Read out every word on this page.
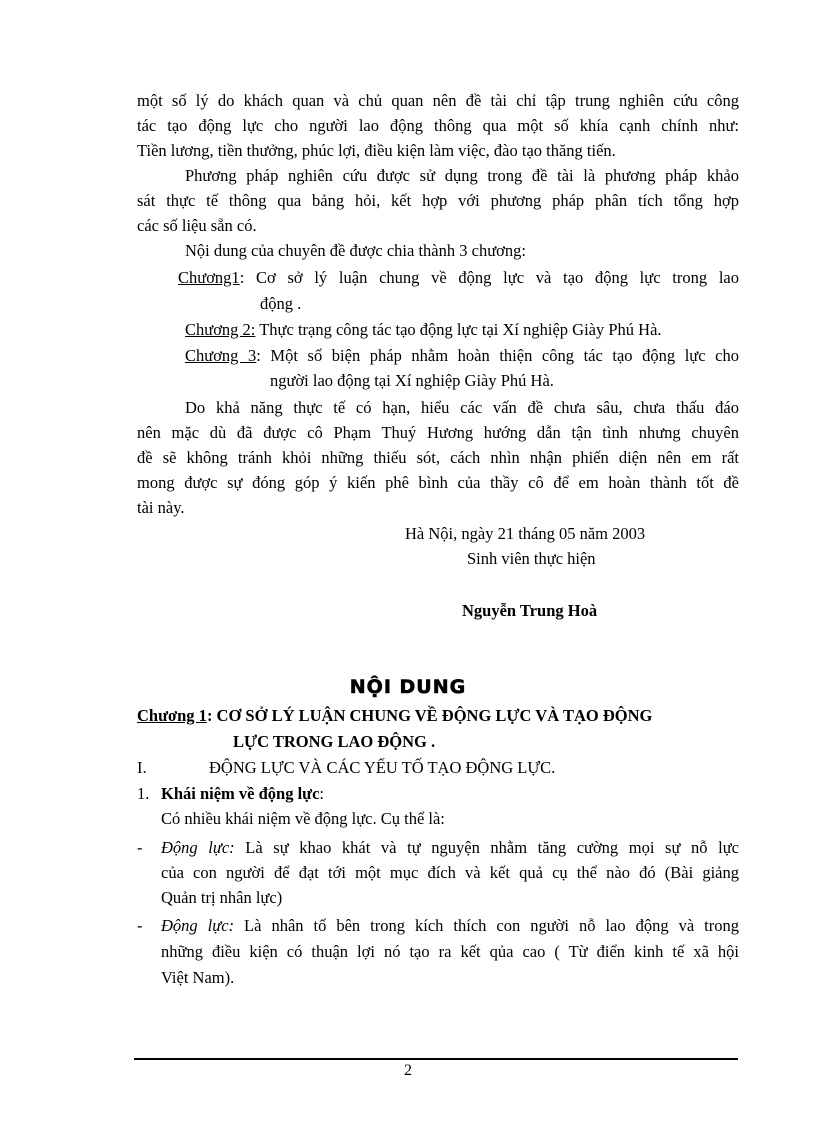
một số lý do khách quan và chủ quan nên đề tài chỉ tập trung nghiên cứu công
tác tạo động lực cho người lao động thông qua một số khía cạnh chính như:
Tiền lương, tiền thưởng, phúc lợi, điều kiện làm việc, đào tạo thăng tiến.
Phương pháp nghiên cứu được sử dụng trong đề tài là phương pháp khảo
sát thực tế thông qua bảng hỏi, kết hợp với phương pháp phân tích tổng hợp
các số liệu sẵn có.
Nội dung của chuyên đề được chia thành 3 chương:
Chương1: Cơ sở lý luận chung về động lực và tạo động lực trong lao
động .
Chương 2: Thực trạng công tác tạo động lực tại Xí nghiệp Giày Phú Hà.
Chương 3: Một số biện pháp nhằm hoàn thiện công tác tạo động lực cho
người lao động tại Xí nghiệp Giày Phú Hà.
Do khả năng thực tế có hạn, hiểu các vấn đề chưa sâu, chưa thấu đáo
nên mặc dù đã được cô Phạm Thuý Hương hướng dẫn tận tình nhưng chuyên
đề sẽ không tránh khỏi những thiếu sót, cách nhìn nhận phiến diện nên em rất
mong được sự đóng góp ý kiến phê bình của thầy cô để em hoàn thành tốt đề
tài này.
Hà Nội, ngày 21 tháng 05 năm 2003
Sinh viên thực hiện
Nguyễn Trung Hoà
NỘI DUNG
Chương 1: CƠ SỞ LÝ LUẬN CHUNG VỀ ĐỘNG LỰC VÀ TẠO ĐỘNG
LỰC TRONG LAO ĐỘNG .
I.	ĐỘNG LỰC VÀ CÁC YẾU TỐ TẠO ĐỘNG LỰC.
1. Khái niệm về động lực:
Có nhiều khái niệm về động lực. Cụ thể là:
- Động lực: Là sự khao khát và tự nguyện nhằm tăng cường mọi sự nỗ lực
của con người để đạt tới một mục đích và kết quả cụ thể nào đó (Bài giảng
Quản trị nhân lực)
- Động lực: Là nhân tố bên trong kích thích con người nỗ lao động và trong
những điều kiện có thuận lợi nó tạo ra kết qủa cao ( Từ điển kinh tế xã hội
Việt Nam).
2
